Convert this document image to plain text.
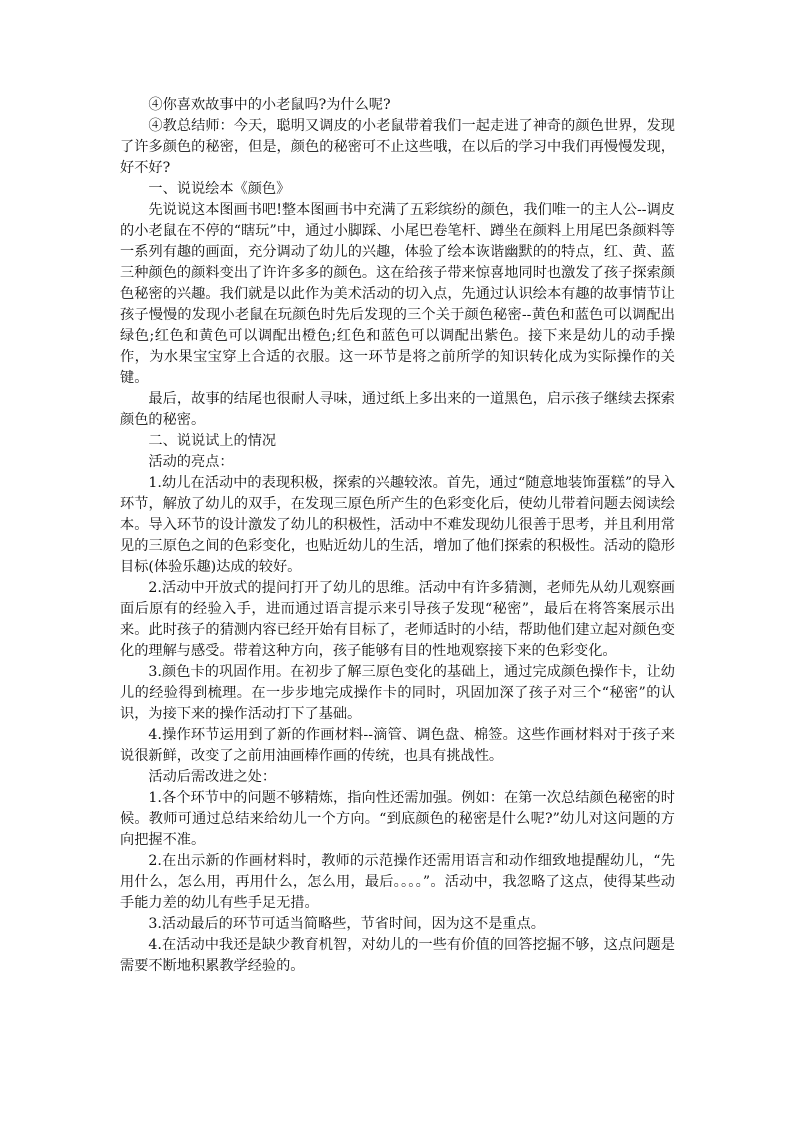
④你喜欢故事中的小老鼠吗?为什么呢?

④教总结师：今天，聪明又调皮的小老鼠带着我们一起走进了神奇的颜色世界，发现了许多颜色的秘密，但是，颜色的秘密可不止这些哦，在以后的学习中我们再慢慢发现，好不好?

一、说说绘本《颜色》

先说说这本图画书吧!整本图画书中充满了五彩缤纷的颜色，我们唯一的主人公--调皮的小老鼠在不停的“瞎玩”中，通过小脚踩、小尾巴卷笔杆、蹲坐在颜料上用尾巴条颜料等一系列有趣的画面，充分调动了幼儿的兴趣，体验了绘本诙谐幽默的的特点，红、黄、蓝三种颜色的颜料变出了许许多多的颜色。这在给孩子带来惊喜地同时也激发了孩子探索颜色秘密的兴趣。我们就是以此作为美术活动的切入点，先通过认识绘本有趣的故事情节让孩子慢慢的发现小老鼠在玩颜色时先后发现的三个关于颜色秘密--黄色和蓝色可以调配出绿色;红色和黄色可以调配出橙色;红色和蓝色可以调配出紫色。接下来是幼儿的动手操作，为水果宝宝穿上合适的衣服。这一环节是将之前所学的知识转化成为实际操作的关键。

最后，故事的结尾也很耐人寻味，通过纸上多出来的一道黑色，启示孩子继续去探索颜色的秘密。

二、说说试上的情况

活动的亮点：

1.幼儿在活动中的表现积极，探索的兴趣较浓。首先，通过“随意地装饰蛋糕”的导入环节，解放了幼儿的双手，在发现三原色所产生的色彩变化后，使幼儿带着问题去阅读绘本。导入环节的设计激发了幼儿的积极性，活动中不难发现幼儿很善于思考，并且利用常见的三原色之间的色彩变化，也贴近幼儿的生活，增加了他们探索的积极性。活动的隐形目标(体验乐趣)达成的较好。

2.活动中开放式的提问打开了幼儿的思维。活动中有许多猜测，老师先从幼儿观察画面后原有的经验入手，进而通过语言提示来引导孩子发现“秘密”，最后在将答案展示出来。此时孩子的猜测内容已经开始有目标了，老师适时的小结，帮助他们建立起对颜色变化的理解与感受。带着这种方向，孩子能够有目的性地观察接下来的色彩变化。

3.颜色卡的巩固作用。在初步了解三原色变化的基础上，通过完成颜色操作卡，让幼儿的经验得到梳理。在一步步地完成操作卡的同时，巩固加深了孩子对三个“秘密”的认识，为接下来的操作活动打下了基础。

4.操作环节运用到了新的作画材料--滴管、调色盘、棉签。这些作画材料对于孩子来说很新鲜，改变了之前用油画棒作画的传统，也具有挑战性。

活动后需改进之处：

1.各个环节中的问题不够精炼，指向性还需加强。例如：在第一次总结颜色秘密的时候。教师可通过总结来给幼儿一个方向。“到底颜色的秘密是什么呢?”幼儿对这问题的方向把握不准。

2.在出示新的作画材料时，教师的示范操作还需用语言和动作细致地提醒幼儿，“先用什么，怎么用，再用什么，怎么用，最后。。。。”。活动中，我忽略了这点，使得某些动手能力差的幼儿有些手足无措。

3.活动最后的环节可适当简略些，节省时间，因为这不是重点。

4.在活动中我还是缺少教育机智，对幼儿的一些有价值的回答挖掘不够，这点问题是需要不断地积累教学经验的。
